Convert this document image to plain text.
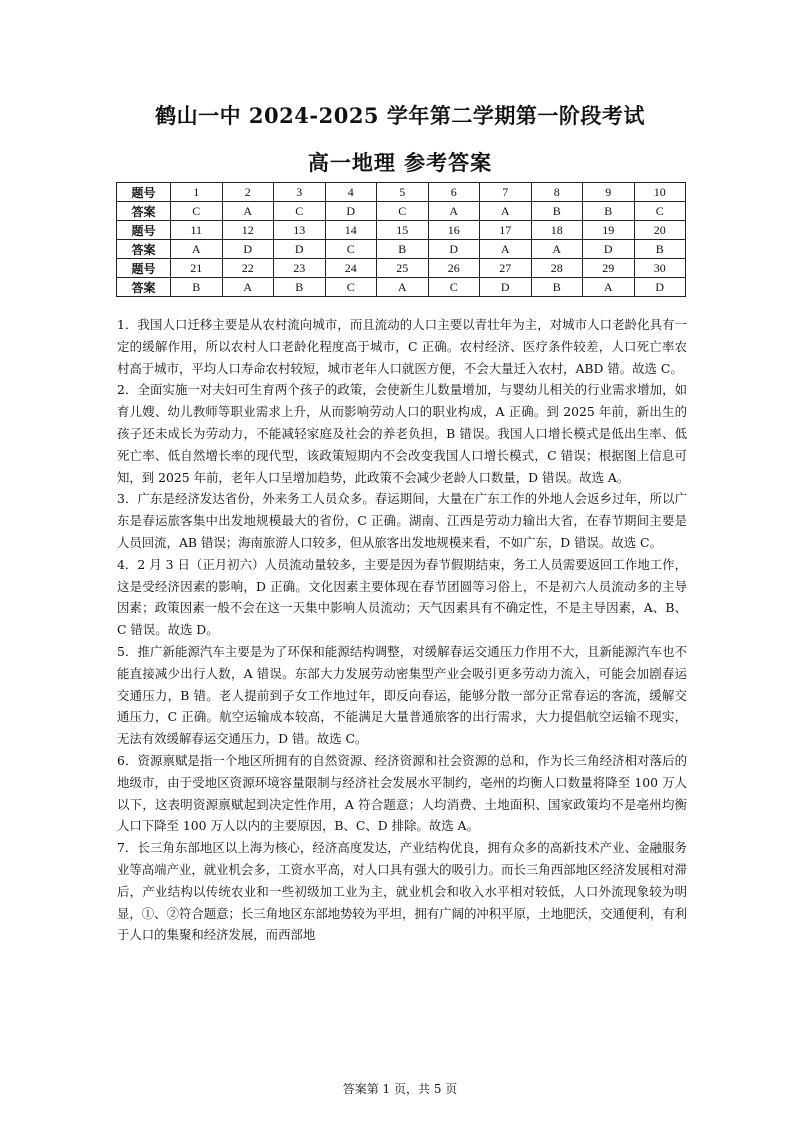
鹤山一中 2024-2025 学年第二学期第一阶段考试
高一地理 参考答案
题号	1	2	3	4	5	6	7	8	9	10
答案	C	A	C	D	C	A	A	B	B	C
题号	11	12	13	14	15	16	17	18	19	20
答案	A	D	D	C	B	D	A	A	D	B
题号	21	22	23	24	25	26	27	28	29	30
答案	B	A	B	C	A	C	D	B	A	D

1．我国人口迁移主要是从农村流向城市，而且流动的人口主要以青壮年为主，对城市人口老龄化具有一定的缓解作用，所以农村人口老龄化程度高于城市，C 正确。农村经济、医疗条件较差，人口死亡率农村高于城市，平均人口寿命农村较短，城市老年人口就医方便，不会大量迁入农村，ABD 错。故选 C。

2．全面实施一对夫妇可生育两个孩子的政策，会使新生儿数量增加，与婴幼儿相关的行业需求增加，如育儿嫂、幼儿教师等职业需求上升，从而影响劳动人口的职业构成，A 正确。到 2025 年前，新出生的孩子还未成长为劳动力，不能减轻家庭及社会的养老负担，B 错误。我国人口增长模式是低出生率、低死亡率、低自然增长率的现代型，该政策短期内不会改变我国人口增长模式，C 错误；根据图上信息可知，到 2025 年前，老年人口呈增加趋势，此政策不会减少老龄人口数量，D 错误。故选 A。

3．广东是经济发达省份，外来务工人员众多。春运期间，大量在广东工作的外地人会返乡过年，所以广东是春运旅客集中出发地规模最大的省份，C 正确。湖南、江西是劳动力输出大省，在春节期间主要是人员回流，AB 错误；海南旅游人口较多，但从旅客出发地规模来看，不如广东，D 错误。故选 C。

4．2 月 3 日（正月初六）人员流动量较多，主要是因为春节假期结束，务工人员需要返回工作地工作，这是受经济因素的影响，D 正确。文化因素主要体现在春节团圆等习俗上，不是初六人员流动多的主导因素；政策因素一般不会在这一天集中影响人员流动；天气因素具有不确定性，不是主导因素，A、B、C 错误。故选 D。

5．推广新能源汽车主要是为了环保和能源结构调整，对缓解春运交通压力作用不大，且新能源汽车也不能直接减少出行人数，A 错误。东部大力发展劳动密集型产业会吸引更多劳动力流入，可能会加剧春运交通压力，B 错。老人提前到子女工作地过年，即反向春运，能够分散一部分正常春运的客流，缓解交通压力，C 正确。航空运输成本较高，不能满足大量普通旅客的出行需求，大力提倡航空运输不现实，无法有效缓解春运交通压力，D 错。故选 C。

6．资源禀赋是指一个地区所拥有的自然资源、经济资源和社会资源的总和，作为长三角经济相对落后的地级市，由于受地区资源环境容量限制与经济社会发展水平制约，亳州的均衡人口数量将降至 100 万人以下，这表明资源禀赋起到决定性作用，A 符合题意；人均消费、土地面积、国家政策均不是亳州均衡人口下降至 100 万人以内的主要原因，B、C、D 排除。故选 A。

7．长三角东部地区以上海为核心，经济高度发达，产业结构优良，拥有众多的高新技术产业、金融服务业等高端产业，就业机会多，工资水平高，对人口具有强大的吸引力。而长三角西部地区经济发展相对滞后，产业结构以传统农业和一些初级加工业为主，就业机会和收入水平相对较低，人口外流现象较为明显，①、②符合题意；长三角地区东部地势较为平坦，拥有广阔的冲积平原，土地肥沃，交通便利，有利于人口的集聚和经济发展，而西部地

答案第 1 页，共 5 页
